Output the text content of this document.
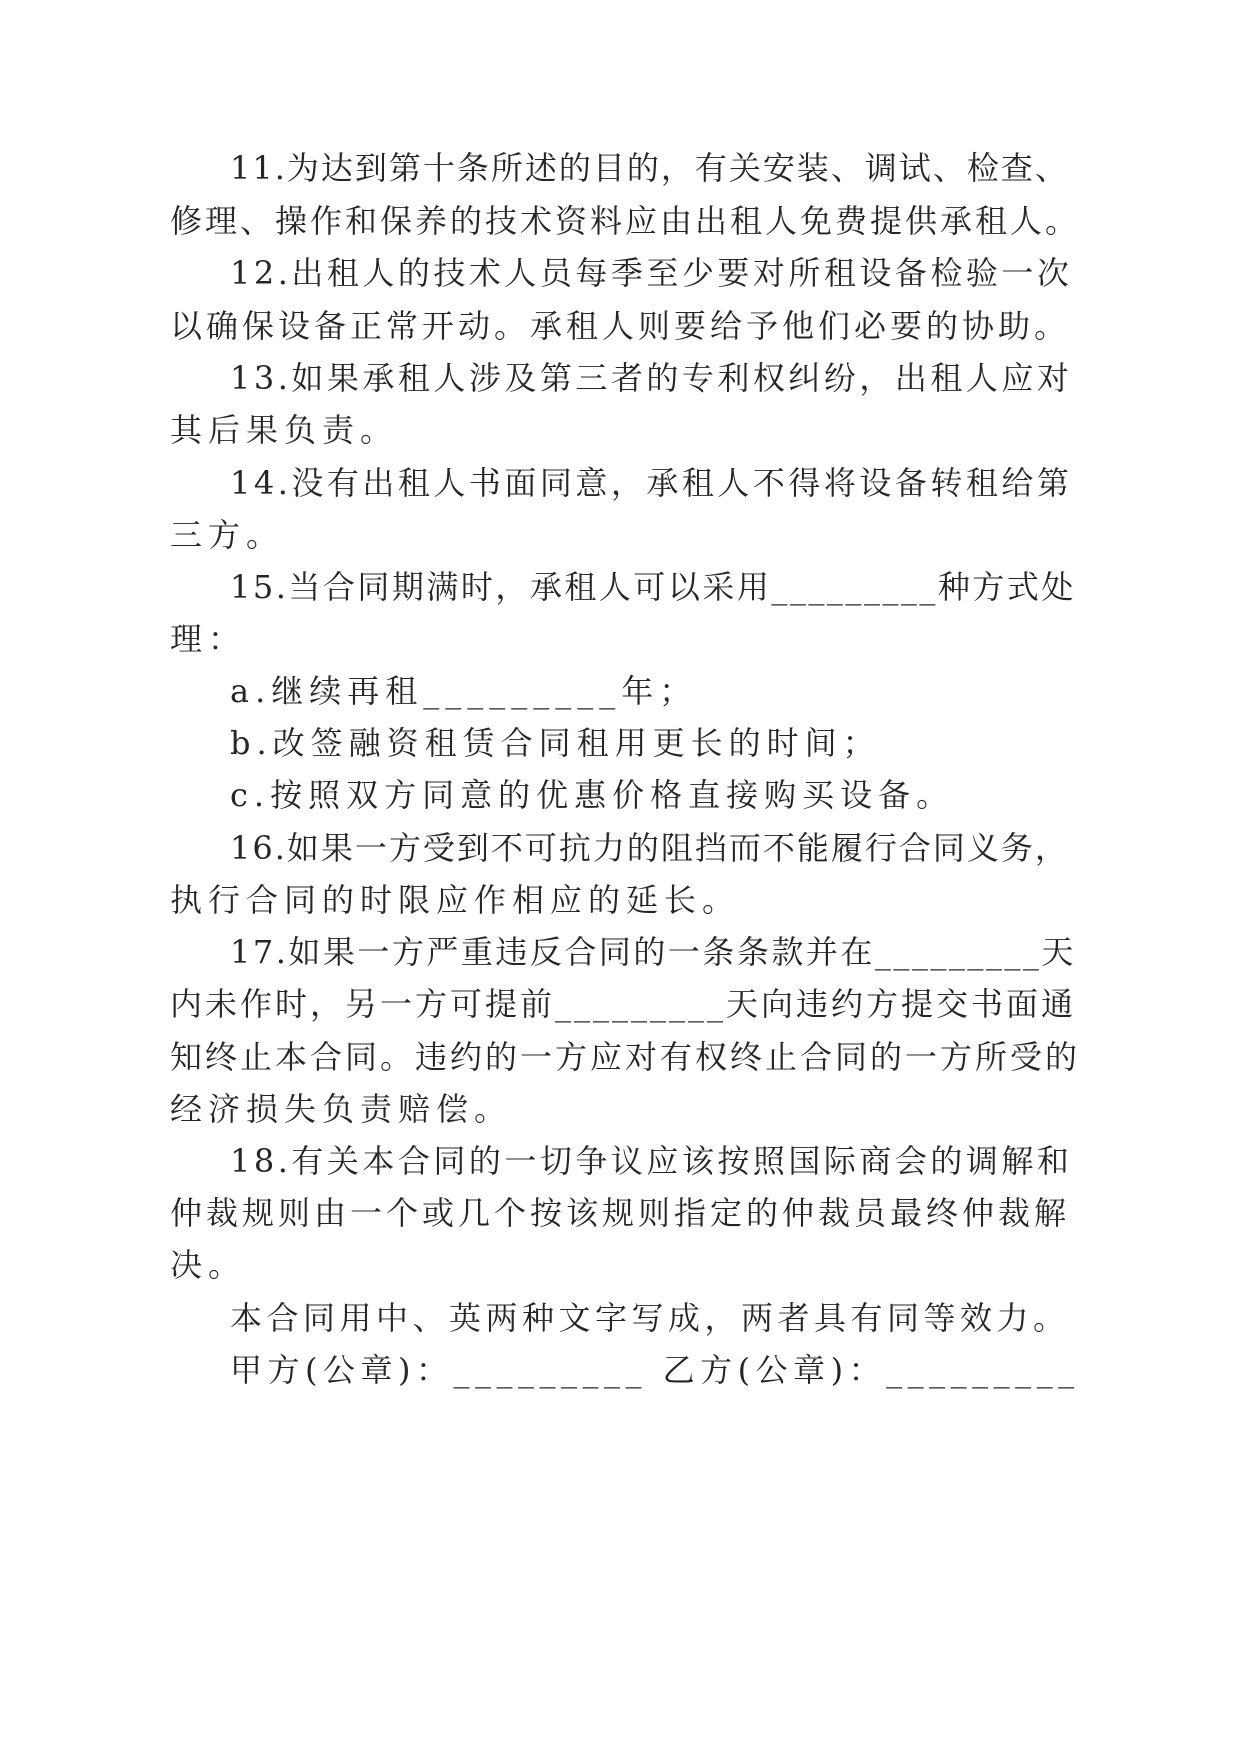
11.为达到第十条所述的目的，有关安装、调试、检查、

修理、操作和保养的技术资料应由出租人免费提供承租人。

12.出租人的技术人员每季至少要对所租设备检验一次

以确保设备正常开动。承租人则要给予他们必要的协助。

13.如果承租人涉及第三者的专利权纠纷，出租人应对

其后果负责。

14.没有出租人书面同意，承租人不得将设备转租给第

三方。

15.当合同期满时，承租人可以采用_________种方式处

理：

a.继续再租_________年；

b.改签融资租赁合同租用更长的时间；

c.按照双方同意的优惠价格直接购买设备。

16.如果一方受到不可抗力的阻挡而不能履行合同义务，

执行合同的时限应作相应的延长。

17.如果一方严重违反合同的一条条款并在_________天

内未作时，另一方可提前_________天向违约方提交书面通

知终止本合同。违约的一方应对有权终止合同的一方所受的

经济损失负责赔偿。

18.有关本合同的一切争议应该按照国际商会的调解和

仲裁规则由一个或几个按该规则指定的仲裁员最终仲裁解

决。

本合同用中、英两种文字写成，两者具有同等效力。

甲方(公章)：_________ 乙方(公章)：_________
